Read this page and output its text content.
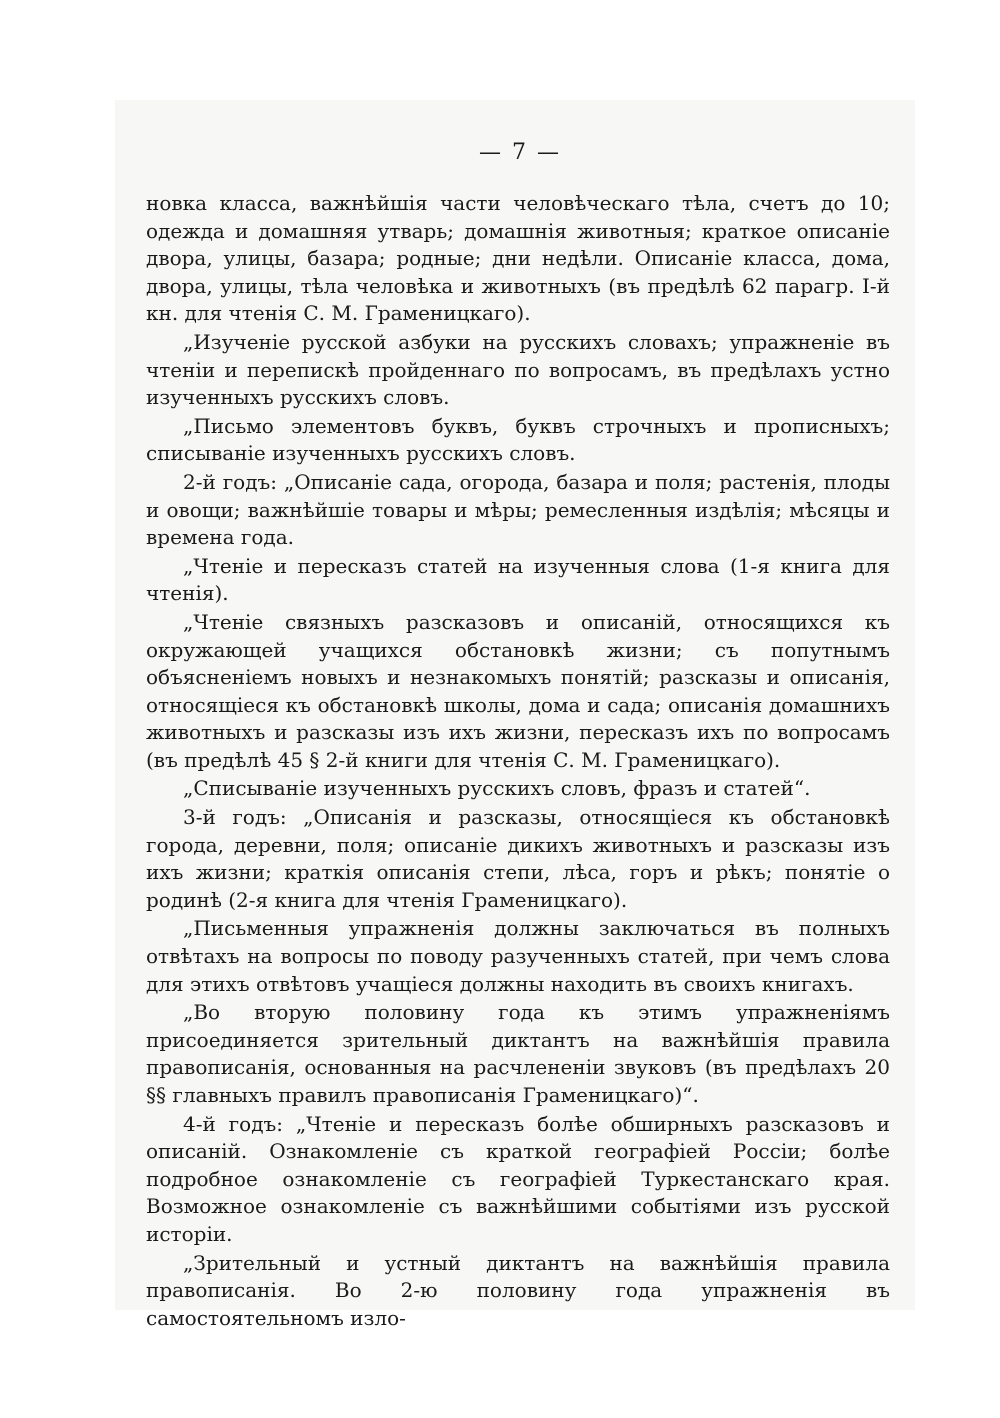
— 7 —

новка класса, важнѣйшія части человѣческаго тѣла, счетъ до 10; одежда и домашняя утварь; домашнія животныя; краткое описаніе двора, улицы, базара; родные; дни недѣли. Описаніе класса, дома, двора, улицы, тѣла человѣка и животныхъ (въ предѣлѣ 62 парагр. І-й кн. для чтенія С. М. Граменицкаго).

„Изученіе русской азбуки на русскихъ словахъ; упражненіе въ чтеніи и перепискѣ пройденнаго по вопросамъ, въ предѣлахъ устно изученныхъ русскихъ словъ.

„Письмо элементовъ буквъ, буквъ строчныхъ и прописныхъ; списываніе изученныхъ русскихъ словъ.

2-й годъ: „Описаніе сада, огорода, базара и поля; растенія, плоды и овощи; важнѣйшіе товары и мѣры; ремесленныя издѣлія; мѣсяцы и времена года.

„Чтеніе и пересказъ статей на изученныя слова (1-я книга для чтенія).

„Чтеніе связныхъ разсказовъ и описаній, относящихся къ окружающей учащихся обстановкѣ жизни; съ попутнымъ объясненіемъ новыхъ и незнакомыхъ понятій; разсказы и описанія, относящіеся къ обстановкѣ школы, дома и сада; описанія домашнихъ животныхъ и разсказы изъ ихъ жизни, пересказъ ихъ по вопросамъ (въ предѣлѣ 45 § 2-й книги для чтенія С. М. Граменицкаго).

„Списываніе изученныхъ русскихъ словъ, фразъ и статей“.

3-й годъ: „Описанія и разсказы, относящіеся къ обстановкѣ города, деревни, поля; описаніе дикихъ животныхъ и разсказы изъ ихъ жизни; краткія описанія степи, лѣса, горъ и рѣкъ; понятіе о родинѣ (2-я книга для чтенія Граменицкаго).

„Письменныя упражненія должны заключаться въ полныхъ отвѣтахъ на вопросы по поводу разученныхъ статей, при чемъ слова для этихъ отвѣтовъ учащіеся должны находить въ своихъ книгахъ.

„Во вторую половину года къ этимъ упражненіямъ присоединяется зрительный диктантъ на важнѣйшія правила правописанія, основанныя на расчлененіи звуковъ (въ предѣлахъ 20 §§ главныхъ правилъ правописанія Граменицкаго)“.

4-й годъ: „Чтеніе и пересказъ болѣе обширныхъ разсказовъ и описаній. Ознакомленіе съ краткой географіей Россіи; болѣе подробное ознакомленіе съ географіей Туркестанскаго края. Возможное ознакомленіе съ важнѣйшими событіями изъ русской исторіи.

„Зрительный и устный диктантъ на важнѣйшія правила правописанія. Во 2-ю половину года упражненія въ самостоятельномъ изло-
